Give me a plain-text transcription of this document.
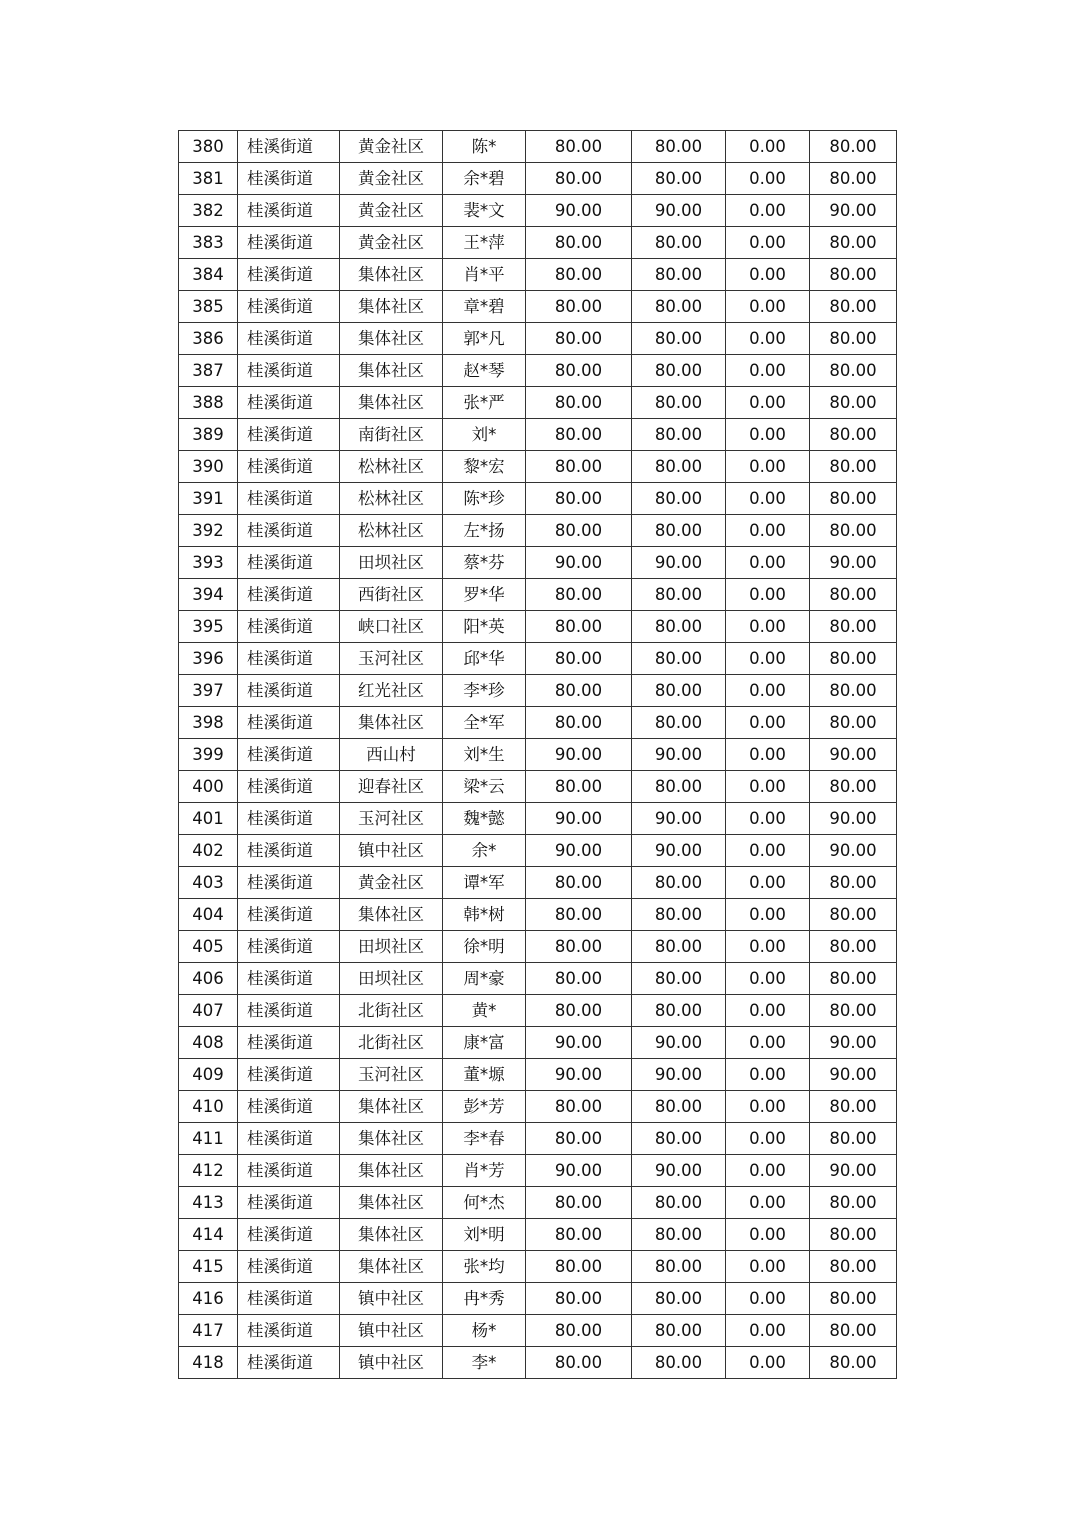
380	桂溪街道	黄金社区	陈*	80.00	80.00	0.00	80.00
381	桂溪街道	黄金社区	余*碧	80.00	80.00	0.00	80.00
382	桂溪街道	黄金社区	裴*文	90.00	90.00	0.00	90.00
383	桂溪街道	黄金社区	王*萍	80.00	80.00	0.00	80.00
384	桂溪街道	集体社区	肖*平	80.00	80.00	0.00	80.00
385	桂溪街道	集体社区	章*碧	80.00	80.00	0.00	80.00
386	桂溪街道	集体社区	郭*凡	80.00	80.00	0.00	80.00
387	桂溪街道	集体社区	赵*琴	80.00	80.00	0.00	80.00
388	桂溪街道	集体社区	张*严	80.00	80.00	0.00	80.00
389	桂溪街道	南街社区	刘*	80.00	80.00	0.00	80.00
390	桂溪街道	松林社区	黎*宏	80.00	80.00	0.00	80.00
391	桂溪街道	松林社区	陈*珍	80.00	80.00	0.00	80.00
392	桂溪街道	松林社区	左*扬	80.00	80.00	0.00	80.00
393	桂溪街道	田坝社区	蔡*芬	90.00	90.00	0.00	90.00
394	桂溪街道	西街社区	罗*华	80.00	80.00	0.00	80.00
395	桂溪街道	峡口社区	阳*英	80.00	80.00	0.00	80.00
396	桂溪街道	玉河社区	邱*华	80.00	80.00	0.00	80.00
397	桂溪街道	红光社区	李*珍	80.00	80.00	0.00	80.00
398	桂溪街道	集体社区	全*军	80.00	80.00	0.00	80.00
399	桂溪街道	西山村	刘*生	90.00	90.00	0.00	90.00
400	桂溪街道	迎春社区	梁*云	80.00	80.00	0.00	80.00
401	桂溪街道	玉河社区	魏*懿	90.00	90.00	0.00	90.00
402	桂溪街道	镇中社区	余*	90.00	90.00	0.00	90.00
403	桂溪街道	黄金社区	谭*军	80.00	80.00	0.00	80.00
404	桂溪街道	集体社区	韩*树	80.00	80.00	0.00	80.00
405	桂溪街道	田坝社区	徐*明	80.00	80.00	0.00	80.00
406	桂溪街道	田坝社区	周*豪	80.00	80.00	0.00	80.00
407	桂溪街道	北街社区	黄*	80.00	80.00	0.00	80.00
408	桂溪街道	北街社区	康*富	90.00	90.00	0.00	90.00
409	桂溪街道	玉河社区	董*塬	90.00	90.00	0.00	90.00
410	桂溪街道	集体社区	彭*芳	80.00	80.00	0.00	80.00
411	桂溪街道	集体社区	李*春	80.00	80.00	0.00	80.00
412	桂溪街道	集体社区	肖*芳	90.00	90.00	0.00	90.00
413	桂溪街道	集体社区	何*杰	80.00	80.00	0.00	80.00
414	桂溪街道	集体社区	刘*明	80.00	80.00	0.00	80.00
415	桂溪街道	集体社区	张*均	80.00	80.00	0.00	80.00
416	桂溪街道	镇中社区	冉*秀	80.00	80.00	0.00	80.00
417	桂溪街道	镇中社区	杨*	80.00	80.00	0.00	80.00
418	桂溪街道	镇中社区	李*	80.00	80.00	0.00	80.00
